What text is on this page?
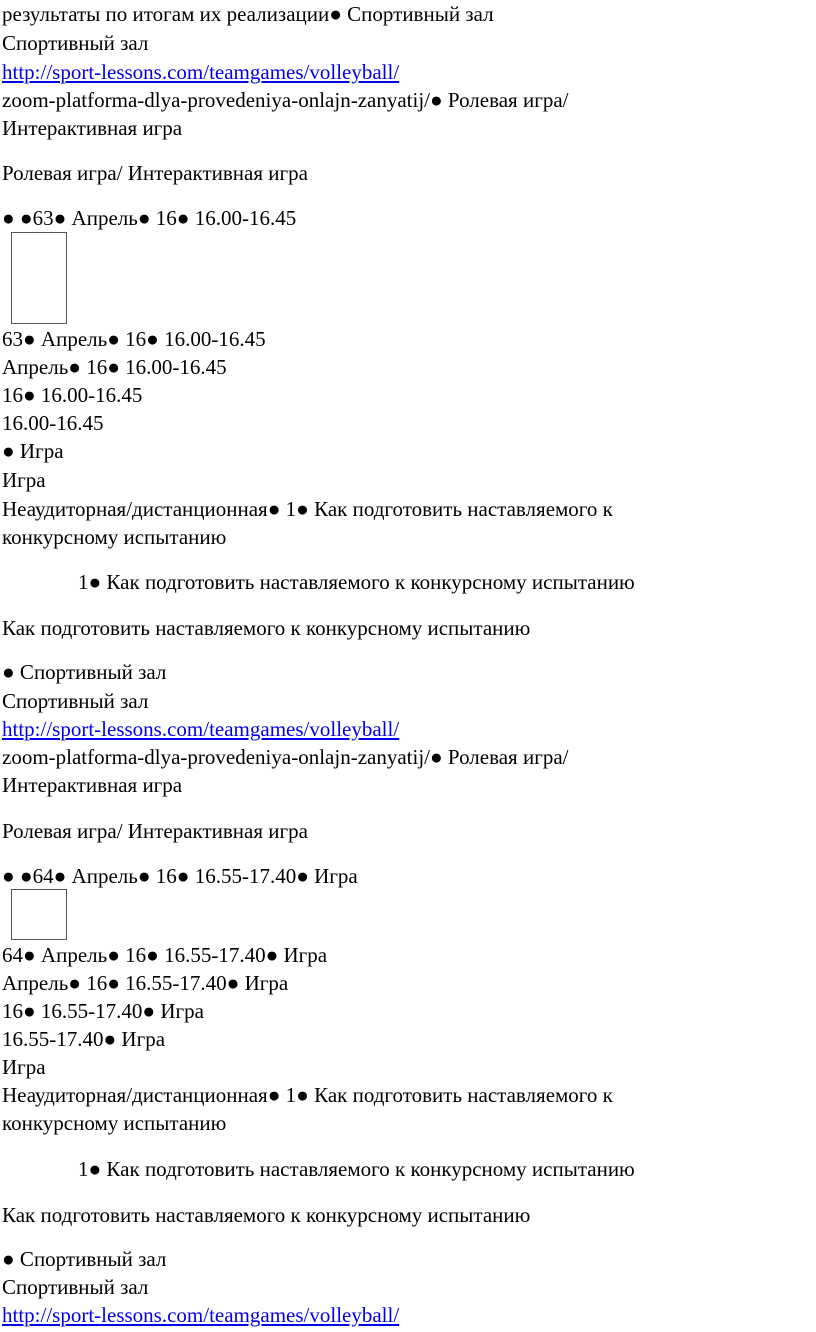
результаты по итогам их реализации● Спортивный зал
Спортивный зал
http://sport-lessons.com/teamgames/volleyball/
zoom-platforma-dlya-provedeniya-onlajn-zanyatij/● Ролевая игра/
Интерактивная игра
Ролевая игра/ Интерактивная игра
● ●63● Апрель● 16● 16.00-16.45
63● Апрель● 16● 16.00-16.45
Апрель● 16● 16.00-16.45
16● 16.00-16.45
16.00-16.45
● Игра
Игра
Неаудиторная/дистанционная● 1● Как подготовить наставляемого к
конкурсному испытанию
1● Как подготовить наставляемого к конкурсному испытанию
Как подготовить наставляемого к конкурсному испытанию
● Спортивный зал
Спортивный зал
http://sport-lessons.com/teamgames/volleyball/
zoom-platforma-dlya-provedeniya-onlajn-zanyatij/● Ролевая игра/
Интерактивная игра
Ролевая игра/ Интерактивная игра
● ●64● Апрель● 16● 16.55-17.40● Игра
64● Апрель● 16● 16.55-17.40● Игра
Апрель● 16● 16.55-17.40● Игра
16● 16.55-17.40● Игра
16.55-17.40● Игра
Игра
Неаудиторная/дистанционная● 1● Как подготовить наставляемого к
конкурсному испытанию
1● Как подготовить наставляемого к конкурсному испытанию
Как подготовить наставляемого к конкурсному испытанию
● Спортивный зал
Спортивный зал
http://sport-lessons.com/teamgames/volleyball/
